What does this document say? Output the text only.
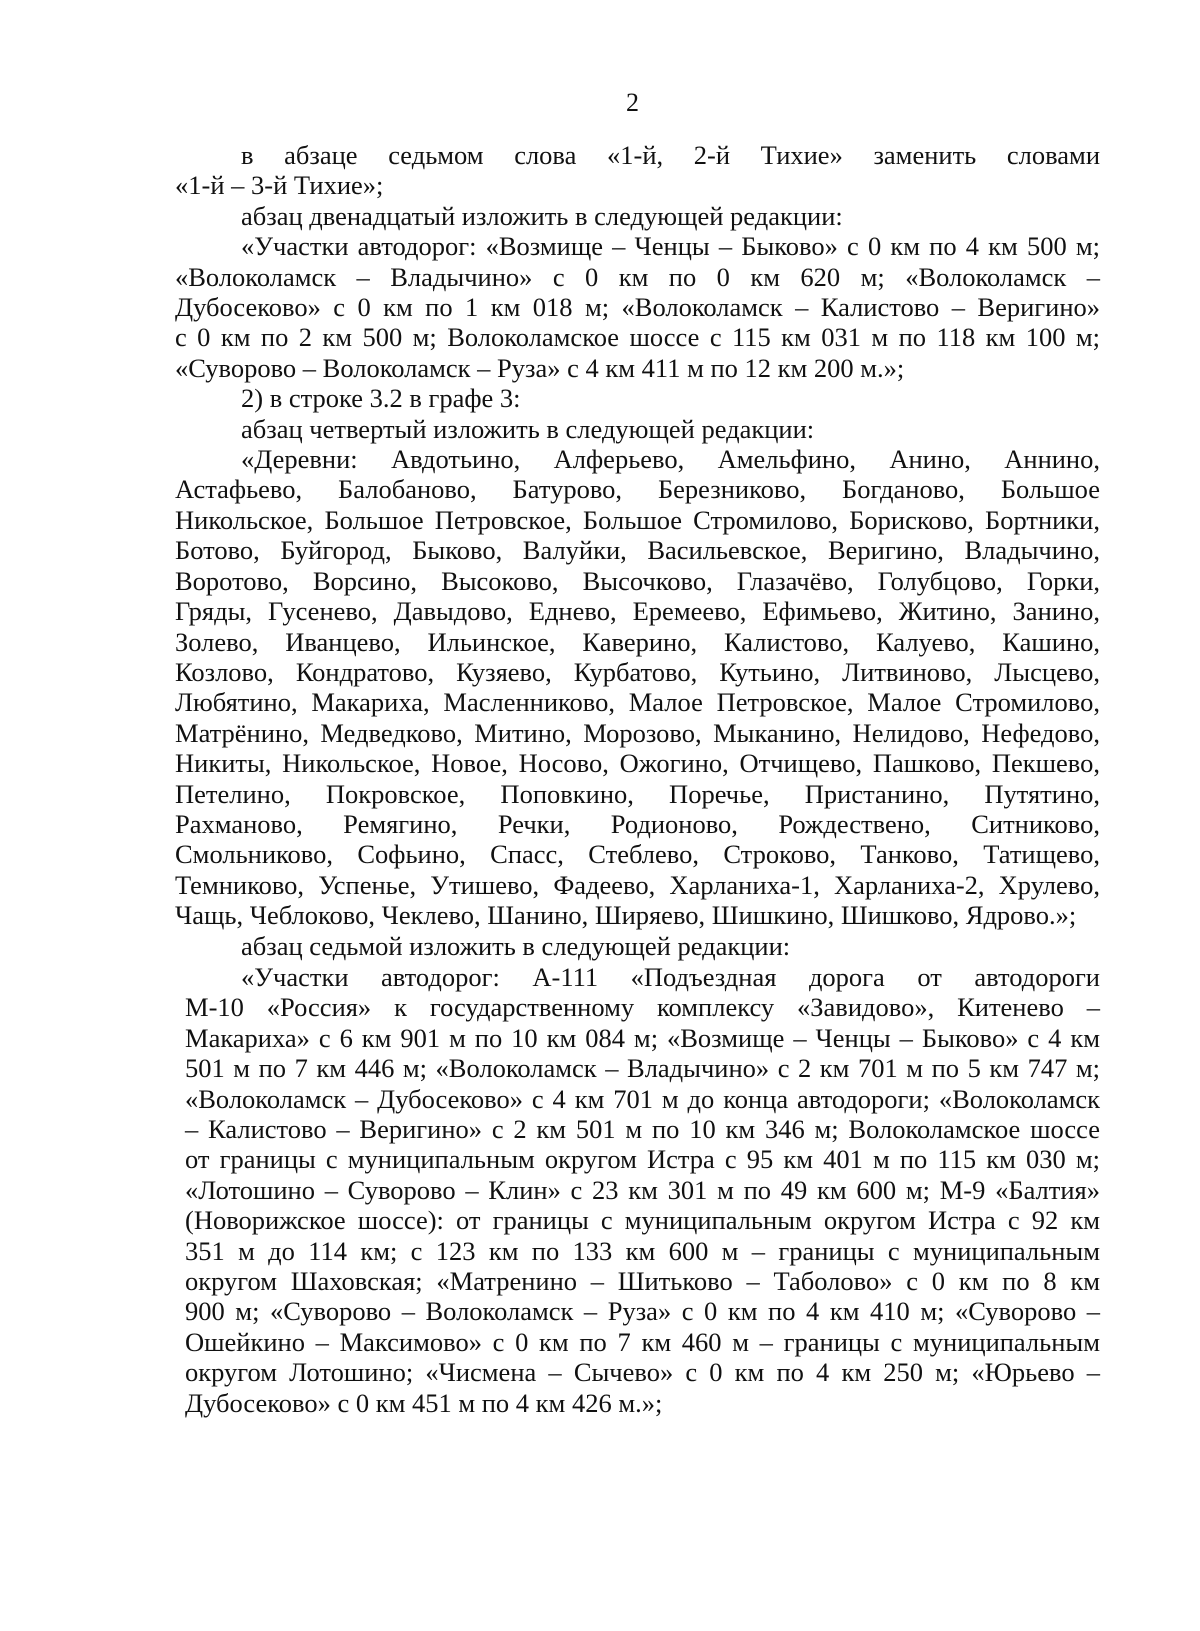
2
в абзаце седьмом слова «1-й, 2-й Тихие» заменить словами
«1-й – 3-й Тихие»;
абзац двенадцатый изложить в следующей редакции:
«Участки автодорог: «Возмище – Ченцы – Быково» с 0 км по 4 км 500 м;
«Волоколамск – Владычино» с 0 км по 0 км 620 м; «Волоколамск –
Дубосеково» с 0 км по 1 км 018 м; «Волоколамск – Калистово – Веригино»
с 0 км по 2 км 500 м; Волоколамское шоссе с 115 км 031 м по 118 км 100 м;
«Суворово – Волоколамск – Руза» с 4 км 411 м по 12 км 200 м.»;
2) в строке 3.2 в графе 3:
абзац четвертый изложить в следующей редакции:
«Деревни: Авдотьино, Алферьево, Амельфино, Анино, Аннино,
Астафьево, Балобаново, Батурово, Березниково, Богданово, Большое
Никольское, Большое Петровское, Большое Стромилово, Борисково, Бортники,
Ботово, Буйгород, Быково, Валуйки, Васильевское, Веригино, Владычино,
Воротово, Ворсино, Высоково, Высочково, Глазачёво, Голубцово, Горки,
Гряды, Гусенево, Давыдово, Еднево, Еремеево, Ефимьево, Житино, Занино,
Золево, Иванцево, Ильинское, Каверино, Калистово, Калуево, Кашино,
Козлово, Кондратово, Кузяево, Курбатово, Кутьино, Литвиново, Лысцево,
Любятино, Макариха, Масленниково, Малое Петровское, Малое Стромилово,
Матрёнино, Медведково, Митино, Морозово, Мыканино, Нелидово, Нефедово,
Никиты, Никольское, Новое, Носово, Ожогино, Отчищево, Пашково, Пекшево,
Петелино, Покровское, Поповкино, Поречье, Пристанино, Путятино,
Рахманово, Ремягино, Речки, Родионово, Рождествено, Ситниково,
Смольниково, Софьино, Спасс, Стеблево, Строково, Танково, Татищево,
Темниково, Успенье, Утишево, Фадеево, Харланиха-1, Харланиха-2, Хрулево,
Чащь, Чеблоково, Чеклево, Шанино, Ширяево, Шишкино, Шишково, Ядрово.»;
абзац седьмой изложить в следующей редакции:
«Участки автодорог: А-111 «Подъездная дорога от автодороги
М-10 «Россия» к государственному комплексу «Завидово», Китенево –
Макариха» с 6 км 901 м по 10 км 084 м; «Возмище – Ченцы – Быково» с 4 км
501 м по 7 км 446 м; «Волоколамск – Владычино» с 2 км 701 м по 5 км 747 м;
«Волоколамск – Дубосеково» с 4 км 701 м до конца автодороги; «Волоколамск
– Калистово – Веригино» с 2 км 501 м по 10 км 346 м; Волоколамское шоссе
от границы с муниципальным округом Истра с 95 км 401 м по 115 км 030 м;
«Лотошино – Суворово – Клин» с 23 км 301 м по 49 км 600 м; М-9 «Балтия»
(Новорижское шоссе): от границы с муниципальным округом Истра с 92 км
351 м до 114 км; с 123 км по 133 км 600 м – границы с муниципальным
округом Шаховская; «Матренино – Шитьково – Таболово» с 0 км по 8 км
900 м; «Суворово – Волоколамск – Руза» с 0 км по 4 км 410 м; «Суворово –
Ошейкино – Максимово» с 0 км по 7 км 460 м – границы с муниципальным
округом Лотошино; «Чисмена – Сычево» с 0 км по 4 км 250 м; «Юрьево –
Дубосеково» с 0 км 451 м по 4 км 426 м.»;
